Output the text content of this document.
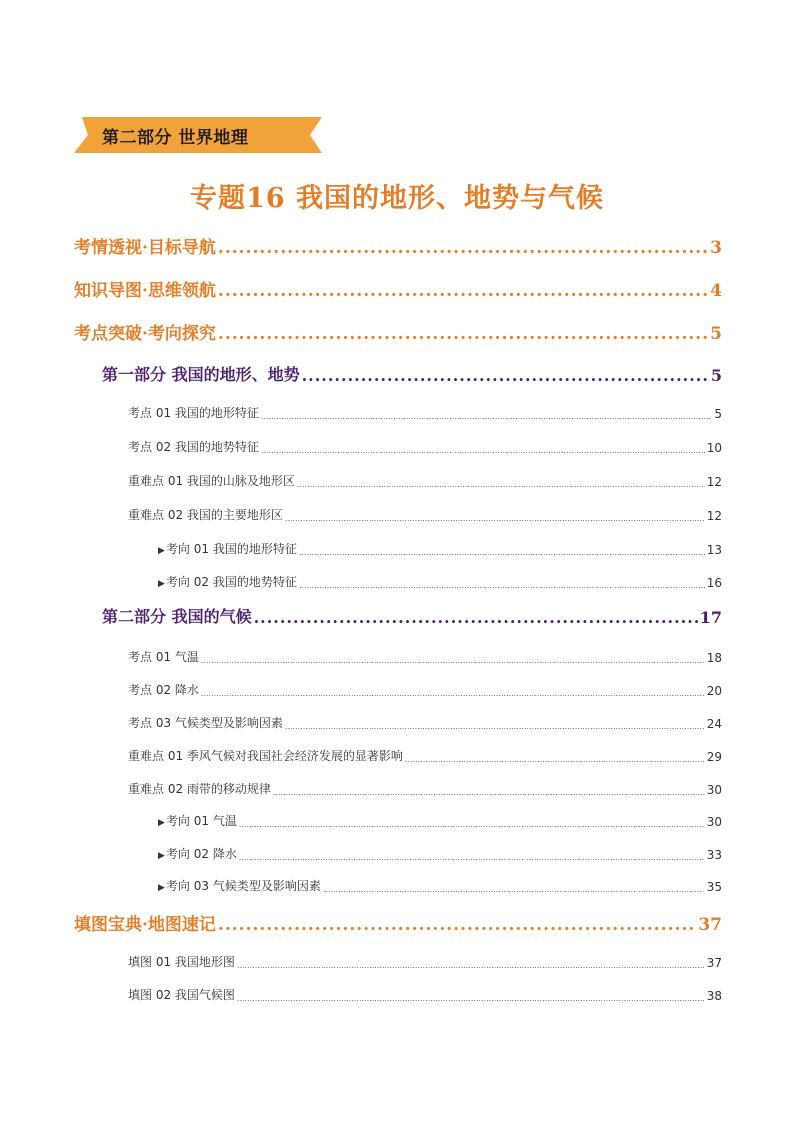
第二部分 世界地理
专题16 我国的地形、地势与气候
考情透视·目标导航 .....	3
知识导图·思维领航 .....	4
考点突破·考向探究 .....	5
第一部分 我国的地形、地势 .....	5
考点 01 我国的地形特征 .....	5
考点 02 我国的地势特征 .....	10
重难点 01 我国的山脉及地形区 .....	12
重难点 02 我国的主要地形区 .....	12
▶考向 01 我国的地形特征 .....	13
▶考向 02 我国的地势特征 .....	16
第二部分 我国的气候 .....	17
考点 01 气温 .....	18
考点 02 降水 .....	20
考点 03 气候类型及影响因素 .....	24
重难点 01 季风气候对我国社会经济发展的显著影响 .....	29
重难点 02 雨带的移动规律 .....	30
▶考向 01 气温 .....	30
▶考向 02 降水 .....	33
▶考向 03 气候类型及影响因素 .....	35
填图宝典·地图速记 .....	37
填图 01 我国地形图 .....	37
填图 02 我国气候图 .....	38
